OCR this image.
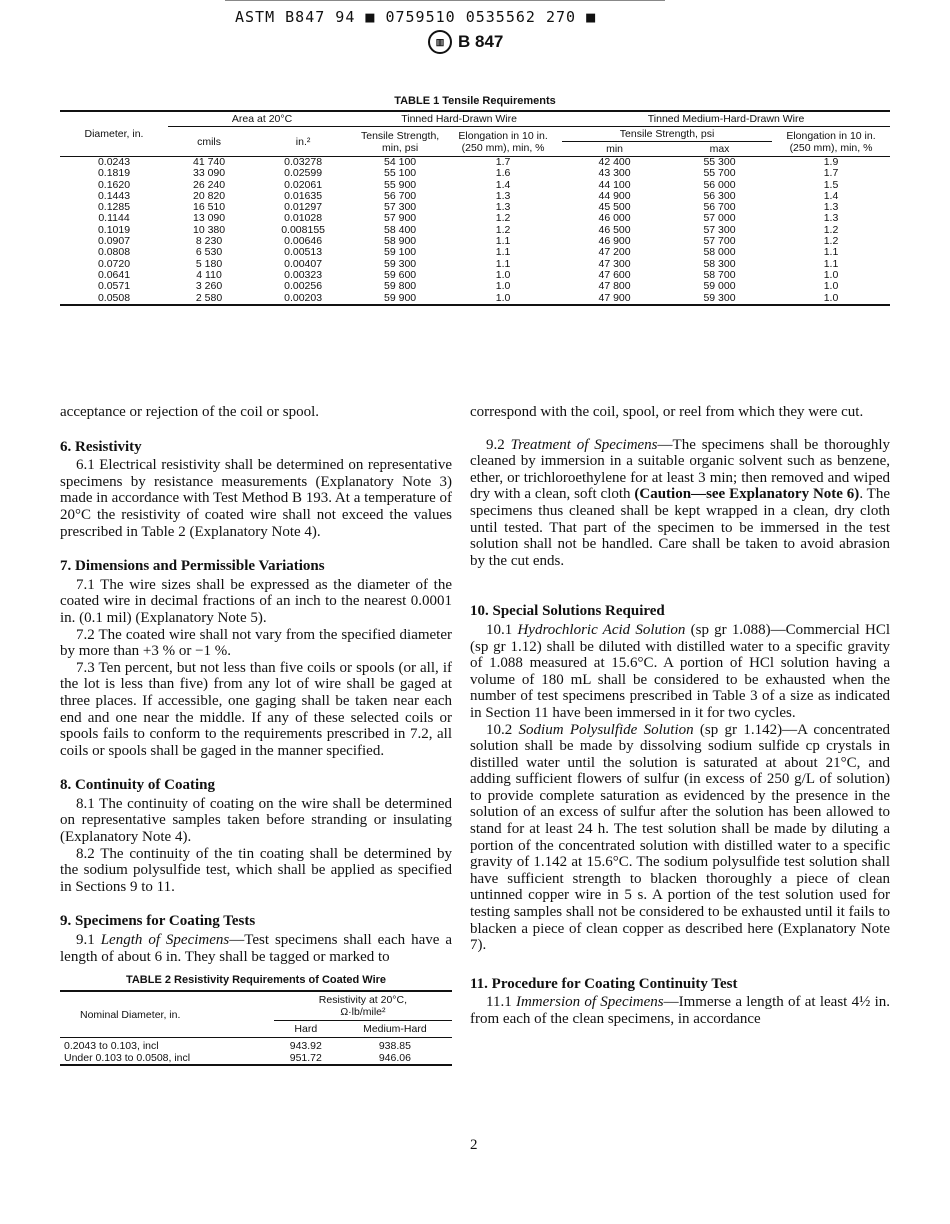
ASTM B847 94 ■ 0759510 0535562 270 ■
▥ B 847
TABLE 1 Tensile Requirements
Diameter, in.	Area at 20°C		Tinned Hard-Drawn Wire		Tinned Medium-Hard-Drawn Wire		
	cmils	in.²	Tensile Strength, min, psi	Elongation in 10 in. (250 mm), min, %	Tensile Strength, psi		Elongation in 10 in. (250 mm), min, %
					min	max	
0.0243	41 740	0.03278	54 100	1.7	42 400	55 300	1.9
0.1819	33 090	0.02599	55 100	1.6	43 300	55 700	1.7
0.1620	26 240	0.02061	55 900	1.4	44 100	56 000	1.5
0.1443	20 820	0.01635	56 700	1.3	44 900	56 300	1.4
0.1285	16 510	0.01297	57 300	1.3	45 500	56 700	1.3
0.1144	13 090	0.01028	57 900	1.2	46 000	57 000	1.3
0.1019	10 380	0.008155	58 400	1.2	46 500	57 300	1.2
0.0907	8 230	0.00646	58 900	1.1	46 900	57 700	1.2
0.0808	6 530	0.00513	59 100	1.1	47 200	58 000	1.1
0.0720	5 180	0.00407	59 300	1.1	47 300	58 300	1.1
0.0641	4 110	0.00323	59 600	1.0	47 600	58 700	1.0
0.0571	3 260	0.00256	59 800	1.0	47 800	59 000	1.0
0.0508	2 580	0.00203	59 900	1.0	47 900	59 300	1.0

acceptance or rejection of the coil or spool.

6. Resistivity

6.1 Electrical resistivity shall be determined on representative specimens by resistance measurements (Explanatory Note 3) made in accordance with Test Method B 193. At a temperature of 20°C the resistivity of coated wire shall not exceed the values prescribed in Table 2 (Explanatory Note 4).

7. Dimensions and Permissible Variations

7.1 The wire sizes shall be expressed as the diameter of the coated wire in decimal fractions of an inch to the nearest 0.0001 in. (0.1 mil) (Explanatory Note 5).

7.2 The coated wire shall not vary from the specified diameter by more than +3 % or −1 %.

7.3 Ten percent, but not less than five coils or spools (or all, if the lot is less than five) from any lot of wire shall be gaged at three places. If accessible, one gaging shall be taken near each end and one near the middle. If any of these selected coils or spools fails to conform to the requirements prescribed in 7.2, all coils or spools shall be gaged in the manner specified.

8. Continuity of Coating

8.1 The continuity of coating on the wire shall be determined on representative samples taken before stranding or insulating (Explanatory Note 4).

8.2 The continuity of the tin coating shall be determined by the sodium polysulfide test, which shall be applied as specified in Sections 9 to 11.

9. Specimens for Coating Tests

9.1 Length of Specimens—Test specimens shall each have a length of about 6 in. They shall be tagged or marked to

TABLE 2 Resistivity Requirements of Coated Wire
Nominal Diameter, in.	Resistivity at 20°C,
Ω·lb/mile²	
	Hard	Medium-Hard
0.2043 to 0.103, incl	943.92	938.85
Under 0.103 to 0.0508, incl	951.72	946.06

correspond with the coil, spool, or reel from which they were cut.

9.2 Treatment of Specimens—The specimens shall be thoroughly cleaned by immersion in a suitable organic solvent such as benzene, ether, or trichloroethylene for at least 3 min; then removed and wiped dry with a clean, soft cloth (Caution—see Explanatory Note 6). The specimens thus cleaned shall be kept wrapped in a clean, dry cloth until tested. That part of the specimen to be immersed in the test solution shall not be handled. Care shall be taken to avoid abrasion by the cut ends.

10. Special Solutions Required

10.1 Hydrochloric Acid Solution (sp gr 1.088)—Commercial HCl (sp gr 1.12) shall be diluted with distilled water to a specific gravity of 1.088 measured at 15.6°C. A portion of HCl solution having a volume of 180 mL shall be considered to be exhausted when the number of test specimens prescribed in Table 3 of a size as indicated in Section 11 have been immersed in it for two cycles.

10.2 Sodium Polysulfide Solution (sp gr 1.142)—A concentrated solution shall be made by dissolving sodium sulfide cp crystals in distilled water until the solution is saturated at about 21°C, and adding sufficient flowers of sulfur (in excess of 250 g/L of solution) to provide complete saturation as evidenced by the presence in the solution of an excess of sulfur after the solution has been allowed to stand for at least 24 h. The test solution shall be made by diluting a portion of the concentrated solution with distilled water to a specific gravity of 1.142 at 15.6°C. The sodium polysulfide test solution shall have sufficient strength to blacken thoroughly a piece of clean untinned copper wire in 5 s. A portion of the test solution used for testing samples shall not be considered to be exhausted until it fails to blacken a piece of clean copper as described here (Explanatory Note 7).

11. Procedure for Coating Continuity Test

11.1 Immersion of Specimens—Immerse a length of at least 4½ in. from each of the clean specimens, in accordance

2
